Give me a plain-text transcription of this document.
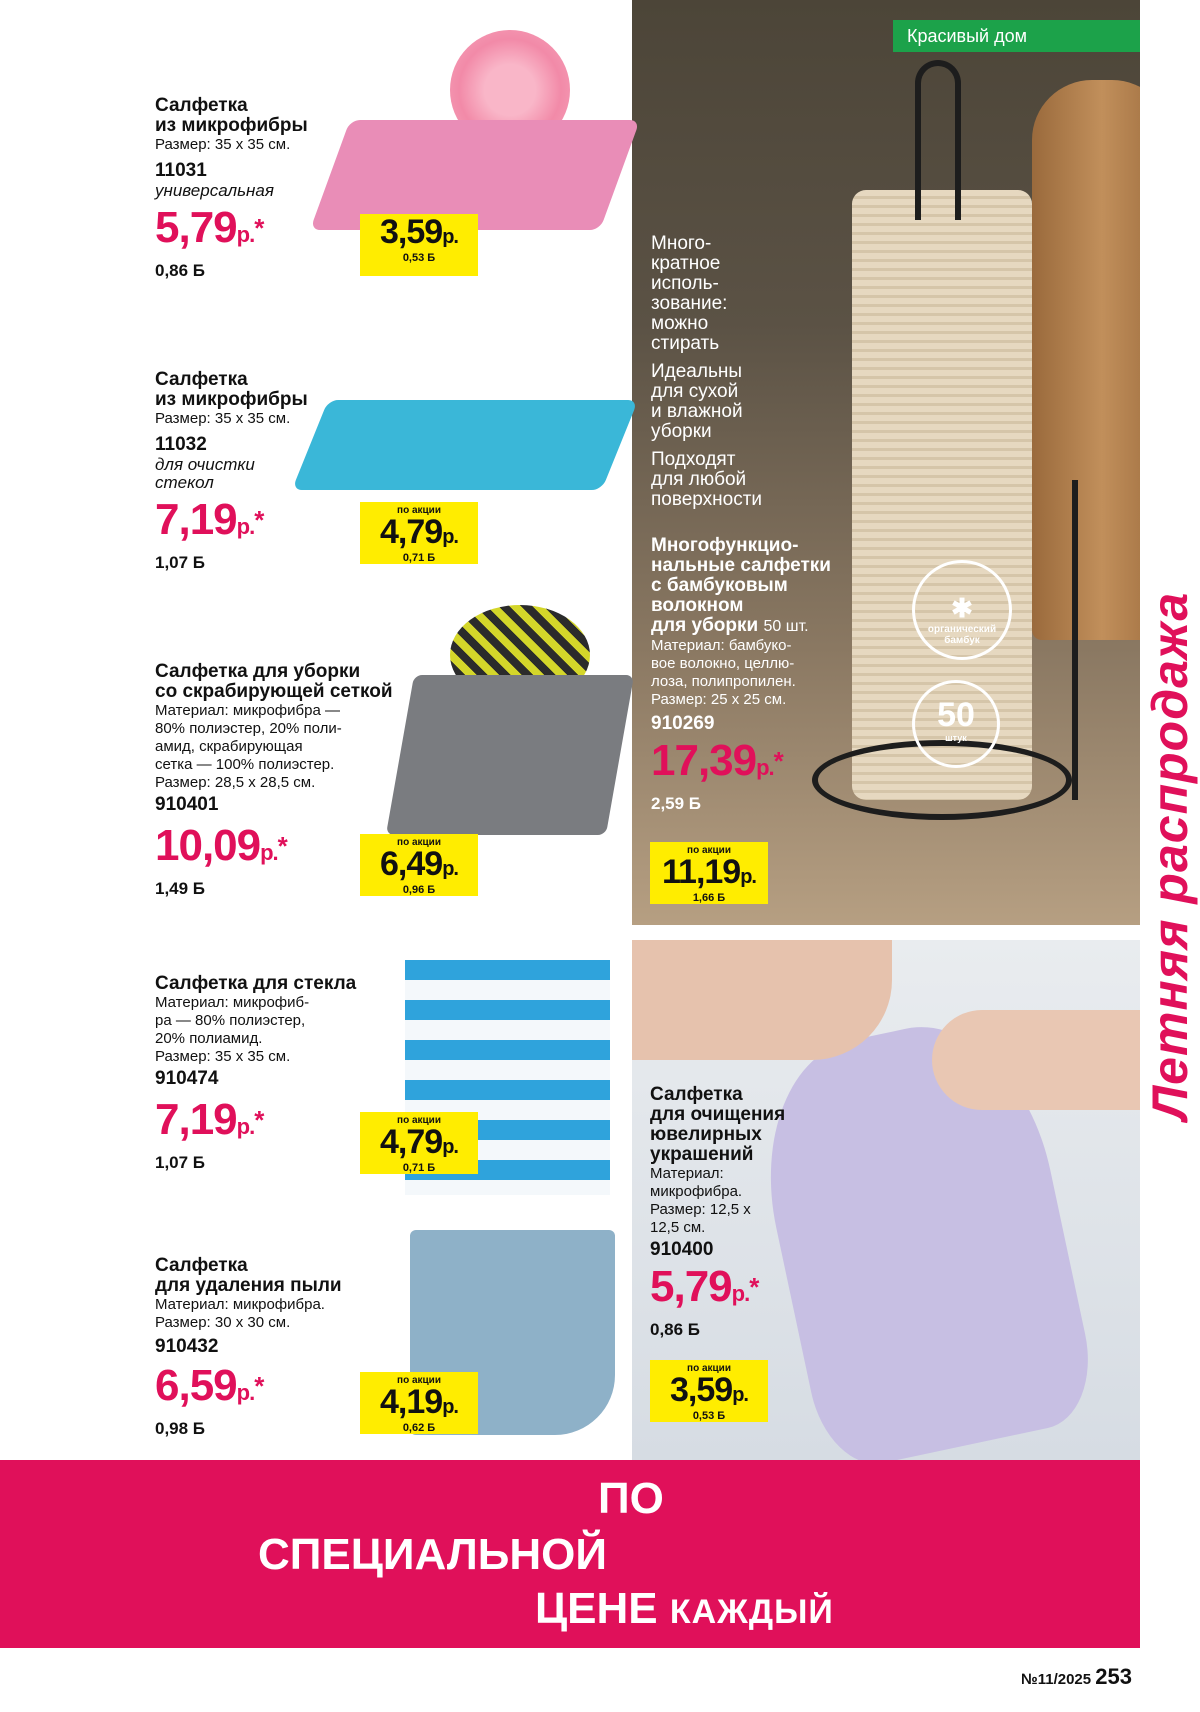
✱
органический бамбук
50
штук
Красивый дом
Летняя распродажа
Салфетка
из микрофибры
Размер: 35 x 35 см.
11031
универсальная
5,79р.*
0,86 Б
3,59р.
0,53 Б
Салфетка
из микрофибры
Размер: 35 x 35 см.
11032
для очистки
стекол
7,19р.*
1,07 Б
по акции
4,79р.
0,71 Б
Салфетка для уборки
со скрабирующей сеткой
Материал: микрофибра —
80% полиэстер, 20% поли-
амид, скрабирующая
сетка — 100% полиэстер.
Размер: 28,5 x 28,5 см.
910401
10,09р.*
1,49 Б
по акции
6,49р.
0,96 Б
Салфетка для стекла
Материал: микрофиб-
ра — 80% полиэстер,
20% полиамид.
Размер: 35 x 35 см.
910474
7,19р.*
1,07 Б
по акции
4,79р.
0,71 Б
Салфетка
для удаления пыли
Материал: микрофибра.
Размер: 30 x 30 см.
910432
6,59р.*
0,98 Б
по акции
4,19р.
0,62 Б
Много-
кратное
исполь-
зование:
можно
стирать
Идеальны
для сухой
и влажной
уборки
Подходят
для любой
поверхности
Многофункцио-
нальные салфетки
с бамбуковым
волокном
для уборки 50 шт.
Материал: бамбуко-
вое волокно, целлю-
лоза, полипропилен.
Размер: 25 x 25 см.
910269
17,39р.*
2,59 Б
по акции
11,19р.
1,66 Б
Салфетка
для очищения
ювелирных
украшений
Материал:
микрофибра.
Размер: 12,5 x
12,5 см.
910400
5,79р.*
0,86 Б
по акции
3,59р.
0,53 Б
ПО
СПЕЦИАЛЬНОЙ
ЦЕНЕ КАЖДЫЙ
№11/2025 253
